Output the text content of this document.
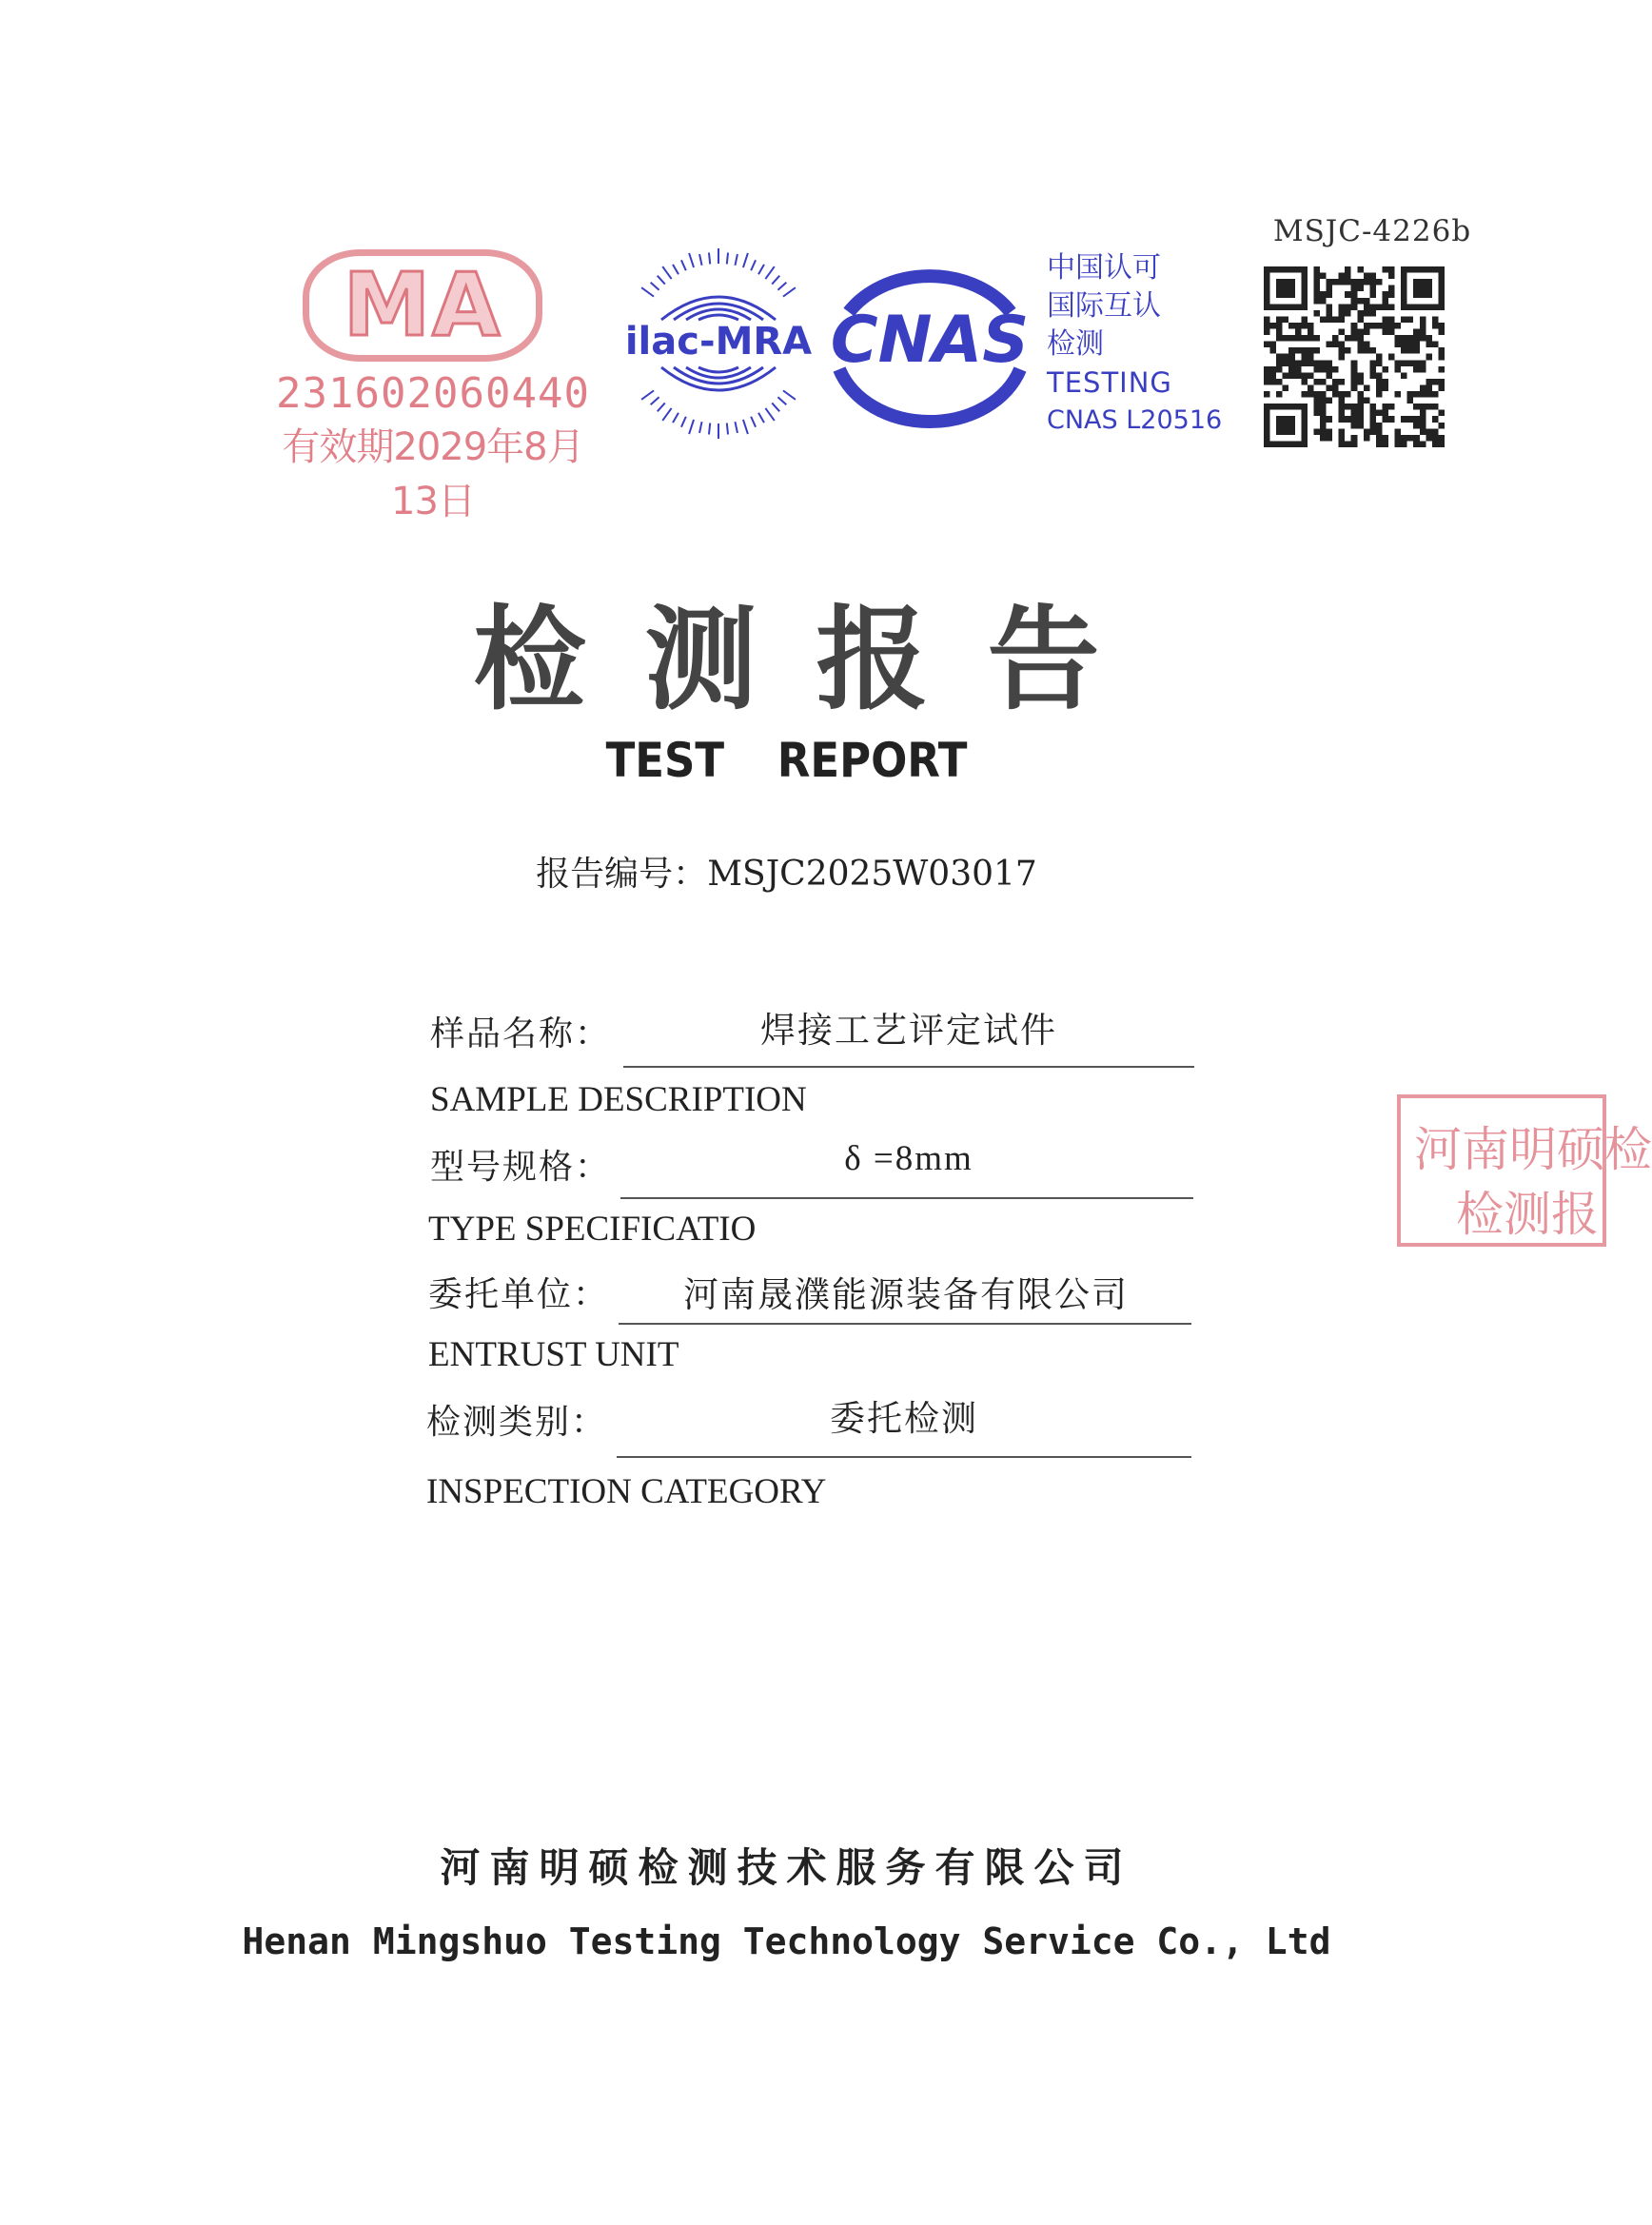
MA
231602060440
有效期2029年8月13日
ilac-MRA CNAS
中国认可
国际互认
检测
TESTING
CNAS L20516
MSJC-4226b
检测报告
TEST REPORT
报告编号：MSJC2025W03017
样品名称：	焊接工艺评定试件
SAMPLE DESCRIPTION
型号规格：	δ =8mm
TYPE SPECIFICATIO
委托单位：	河南晟濮能源装备有限公司
ENTRUST UNIT
检测类别：	委托检测
INSPECTION CATEGORY
河南明硕检
检测报
河南明硕检测技术服务有限公司
Henan Mingshuo Testing Technology Service Co., Ltd
